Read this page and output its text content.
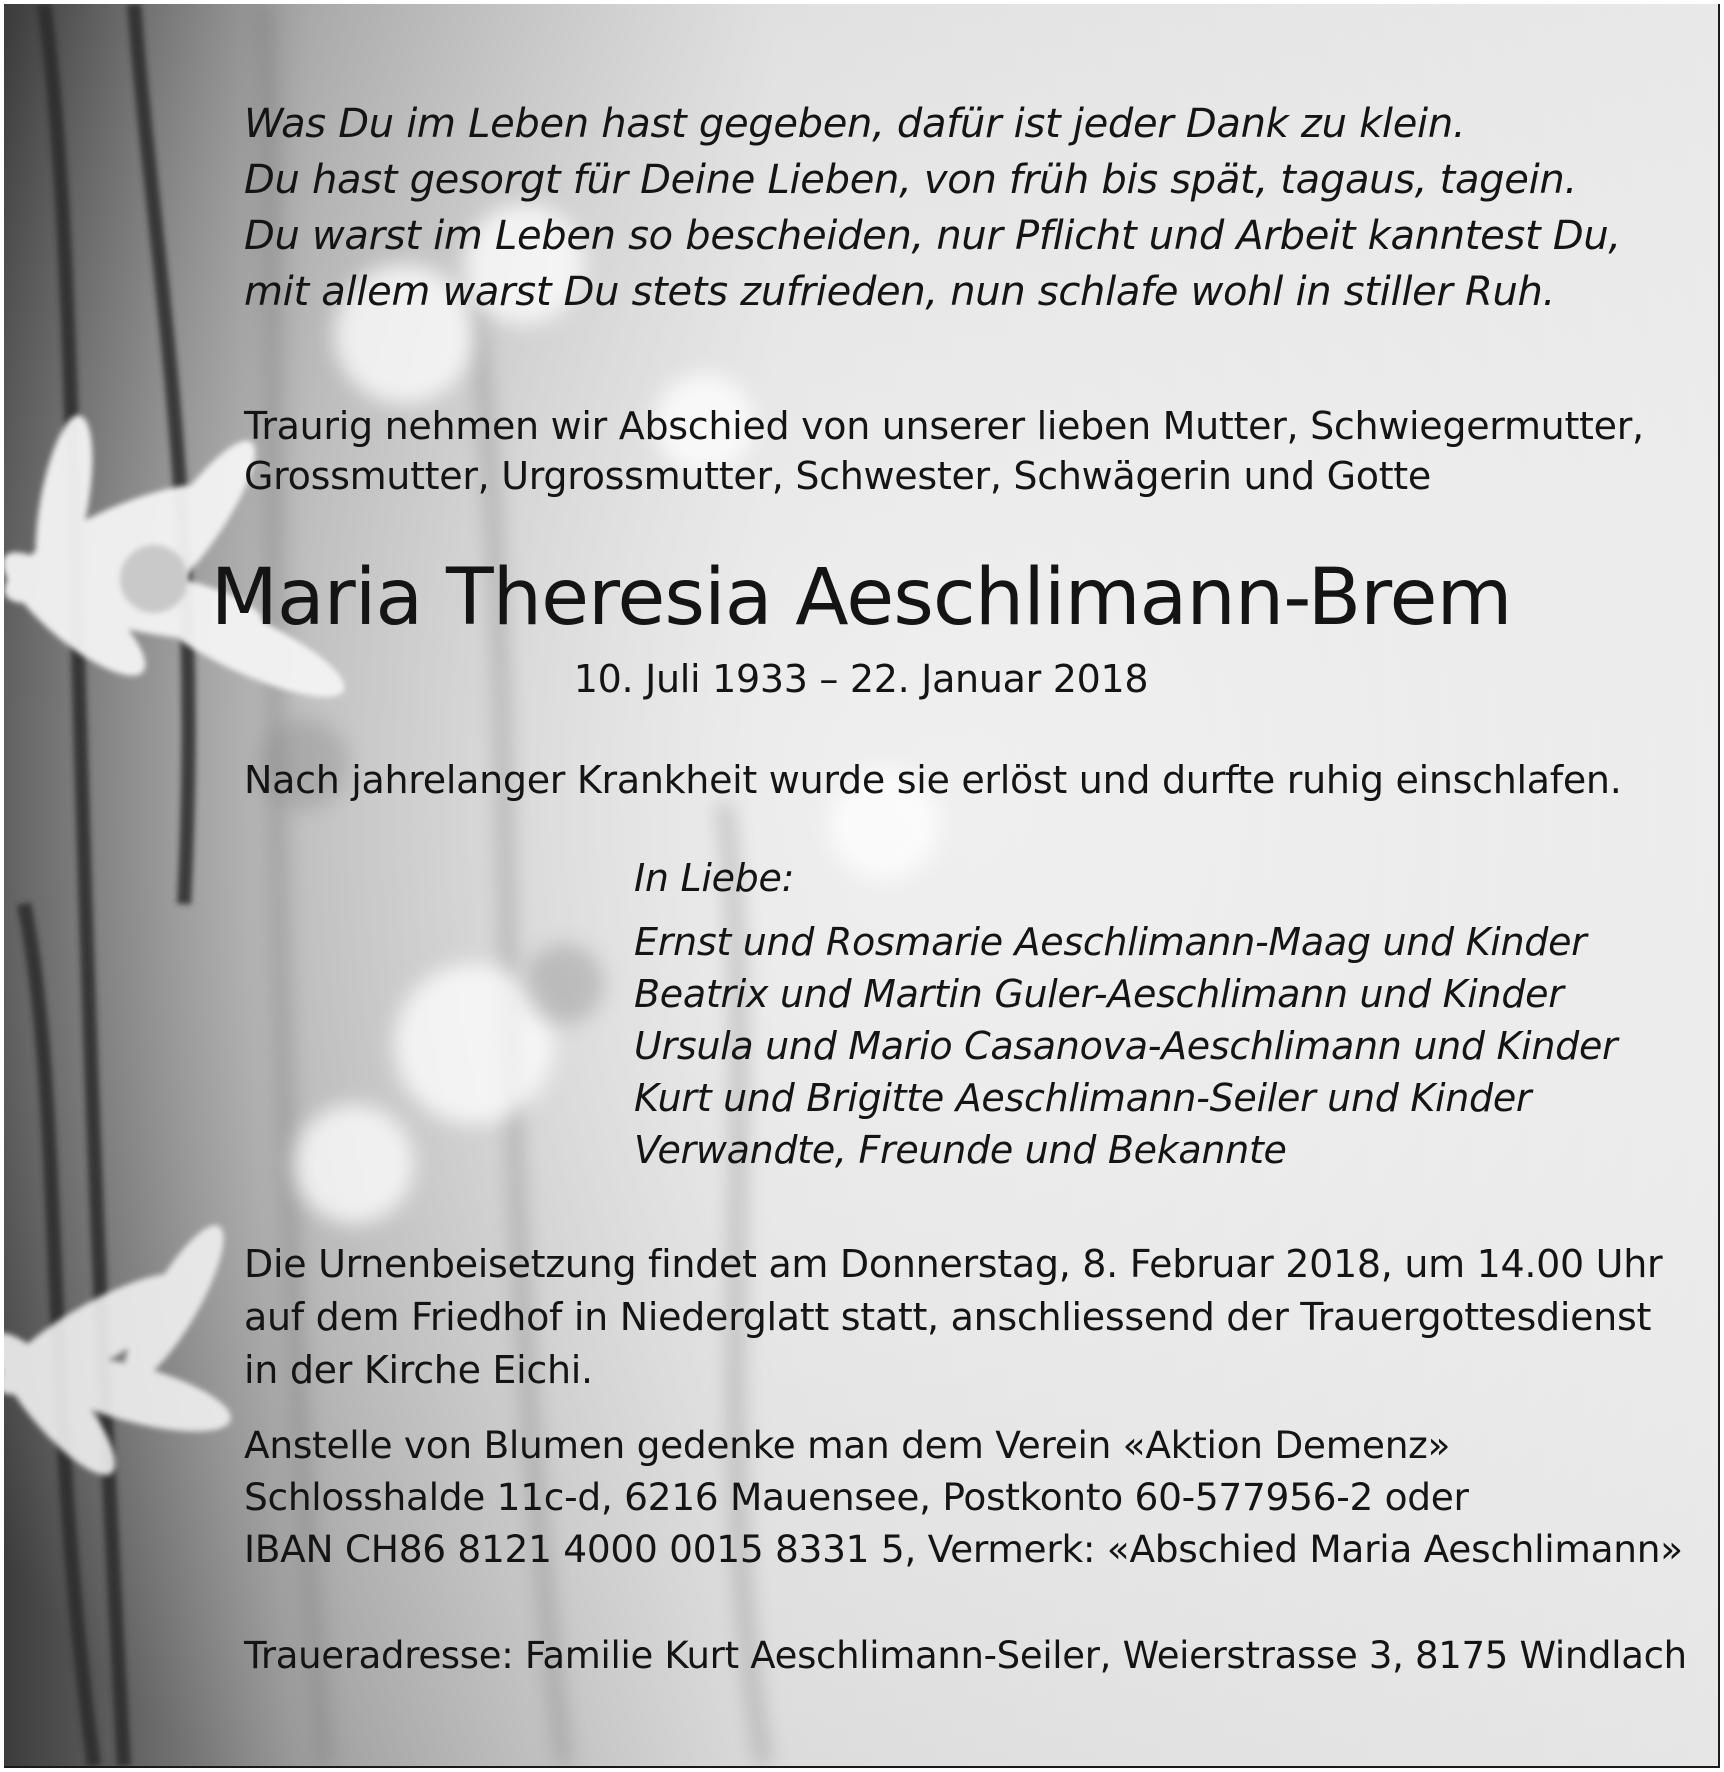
Was Du im Leben hast gegeben, dafür ist jeder Dank zu klein.
Du hast gesorgt für Deine Lieben, von früh bis spät, tagaus, tagein.
Du warst im Leben so bescheiden, nur Pflicht und Arbeit kanntest Du,
mit allem warst Du stets zufrieden, nun schlafe wohl in stiller Ruh.
Traurig nehmen wir Abschied von unserer lieben Mutter, Schwiegermutter,
Grossmutter, Urgrossmutter, Schwester, Schwägerin und Gotte
Maria Theresia Aeschlimann-Brem
10. Juli 1933 – 22. Januar 2018
Nach jahrelanger Krankheit wurde sie erlöst und durfte ruhig einschlafen.
In Liebe:
Ernst und Rosmarie Aeschlimann-Maag und Kinder
Beatrix und Martin Guler-Aeschlimann und Kinder
Ursula und Mario Casanova-Aeschlimann und Kinder
Kurt und Brigitte Aeschlimann-Seiler und Kinder
Verwandte, Freunde und Bekannte
Die Urnenbeisetzung findet am Donnerstag, 8. Februar 2018, um 14.00 Uhr
auf dem Friedhof in Niederglatt statt, anschliessend der Trauergottesdienst
in der Kirche Eichi.
Anstelle von Blumen gedenke man dem Verein «Aktion Demenz»
Schlosshalde 11c-d, 6216 Mauensee, Postkonto 60-577956-2 oder
IBAN CH86 8121 4000 0015 8331 5, Vermerk: «Abschied Maria Aeschlimann»
Traueradresse: Familie Kurt Aeschlimann-Seiler, Weierstrasse 3, 8175 Windlach
